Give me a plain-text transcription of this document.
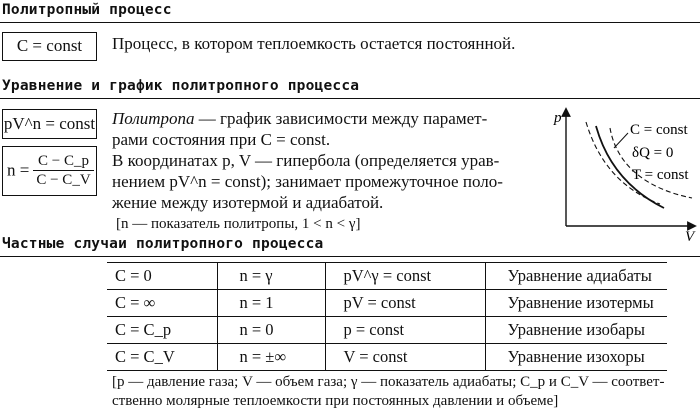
Политропный процесс
C = const	Процесс, в котором теплоемкость остается постоянной.
Уравнение и график политропного процесса
pV^n = const
$n = \frac{C - C\_p}{C - C\_V}$
Политропа — график зависимости между парамет-
рами состояния при C = const.
В координатах p, V — гипербола (определяется урав-
нением pV^n = const); занимает промежуточное поло-
жение между изотермой и адиабатой.
[n — показатель политропы, 1 < n < γ]
p
V
C = const
δQ = 0
T = const
Частные случаи политропного процесса
C = 0	n = γ	pV^γ = const	Уравнение адиабаты
C = ∞	n = 1	pV = const	Уравнение изотермы
C = C_p	n = 0	p = const	Уравнение изобары
C = C_V	n = ±∞	V = const	Уравнение изохоры
[p — давление газа; V — объем газа; γ — показатель адиабаты; C_p и C_V — соответ-
ственно молярные теплоемкости при постоянных давлении и объеме]
